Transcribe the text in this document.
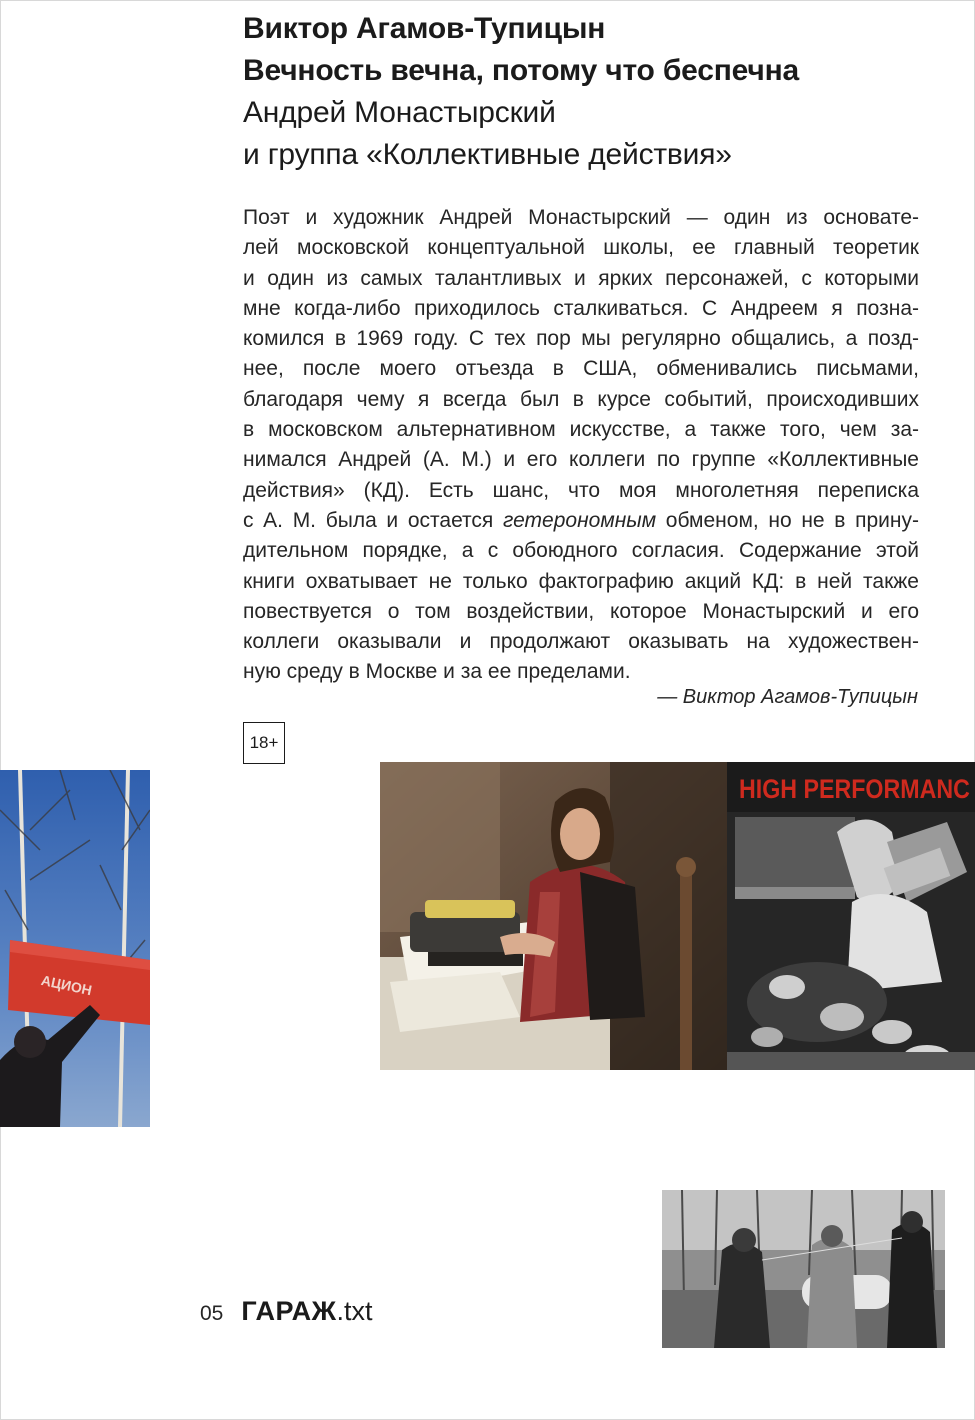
Виктор Агамов-Тупицын
Вечность вечна, потому что беспечна
Андрей Монастырский
и группа «Коллективные действия»
Поэт и художник Андрей Монастырский — один из основате-
лей московской концептуальной школы, ее главный теоретик
и один из самых талантливых и ярких персонажей, с которыми
мне когда-либо приходилось сталкиваться. С Андреем я позна-
комился в 1969 году. С тех пор мы регулярно общались, а позд-
нее, после моего отъезда в США, обменивались письмами,
благодаря чему я всегда был в курсе событий, происходивших
в московском альтернативном искусстве, а также того, чем за-
нимался Андрей (А. М.) и его коллеги по группе «Коллективные
действия» (КД). Есть шанс, что моя многолетняя переписка
с А. М. была и остается гетерономным обменом, но не в прину-
дительном порядке, а с обоюдного согласия. Содержание этой
книги охватывает не только фактографию акций КД: в ней также
повествуется о том воздействии, которое Монастырский и его
коллеги оказывали и продолжают оказывать на художествен-
ную среду в Москве и за ее пределами.
— Виктор Агамов-Тупицын
18+
АЦИОН
HIGH PERFORMANC
05 ГАРАЖ.txt
